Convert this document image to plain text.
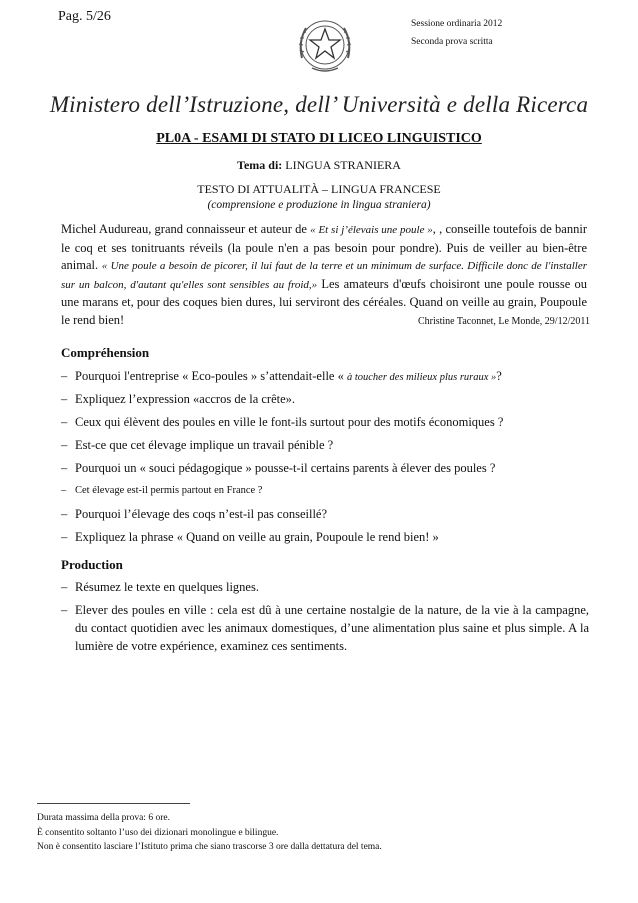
Pag. 5/26	Sessione ordinaria 2012
Seconda prova scritta
Ministero dell’Istruzione, dell’ Università e della Ricerca
PL0A - ESAMI DI STATO DI LICEO LINGUISTICO
Tema di: LINGUA STRANIERA
TESTO DI ATTUALITÀ – LINGUA FRANCESE
(comprensione e produzione in lingua straniera)
Michel Audureau, grand connaisseur et auteur de « Et si j’élevais une poule », , conseille toutefois de bannir le coq et ses tonitruants réveils (la poule n'en a pas besoin pour pondre). Puis de veiller au bien-être animal. « Une poule a besoin de picorer, il lui faut de la terre et un minimum de surface. Difficile donc de l'installer sur un balcon, d'autant qu'elles sont sensibles au froid,» Les amateurs d'œufs choisiront une poule rousse ou une marans et, pour des coques bien dures, lui serviront des céréales. Quand on veille au grain, Poupoule le rend bien!	Christine Taconnet, Le Monde, 29/12/2011
Compréhension
– Pourquoi l'entreprise « Eco-poules » s’attendait-elle « à toucher des milieux plus ruraux »?
– Expliquez l’expression «accros de la crête».
– Ceux qui élèvent des poules en ville le font-ils surtout pour des motifs économiques ?
– Est-ce que cet élevage implique un travail pénible ?
– Pourquoi un « souci pédagogique » pousse-t-il certains parents à élever des poules ?
– Cet élevage est-il permis partout en France ?
– Pourquoi l’élevage des coqs n’est-il pas conseillé?
– Expliquez la phrase « Quand on veille au grain, Poupoule le rend bien! »
Production
– Résumez le texte en quelques lignes.
– Elever des poules en ville : cela est dû à une certaine nostalgie de la nature, de la vie à la campagne, du contact quotidien avec les animaux domestiques, d’une alimentation plus saine et plus simple. A la lumière de votre expérience, examinez ces sentiments.
Durata massima della prova: 6 ore.
È consentito soltanto l’uso dei dizionari monolingue e bilingue.
Non è consentito lasciare l’Istituto prima che siano trascorse 3 ore dalla dettatura del tema.
